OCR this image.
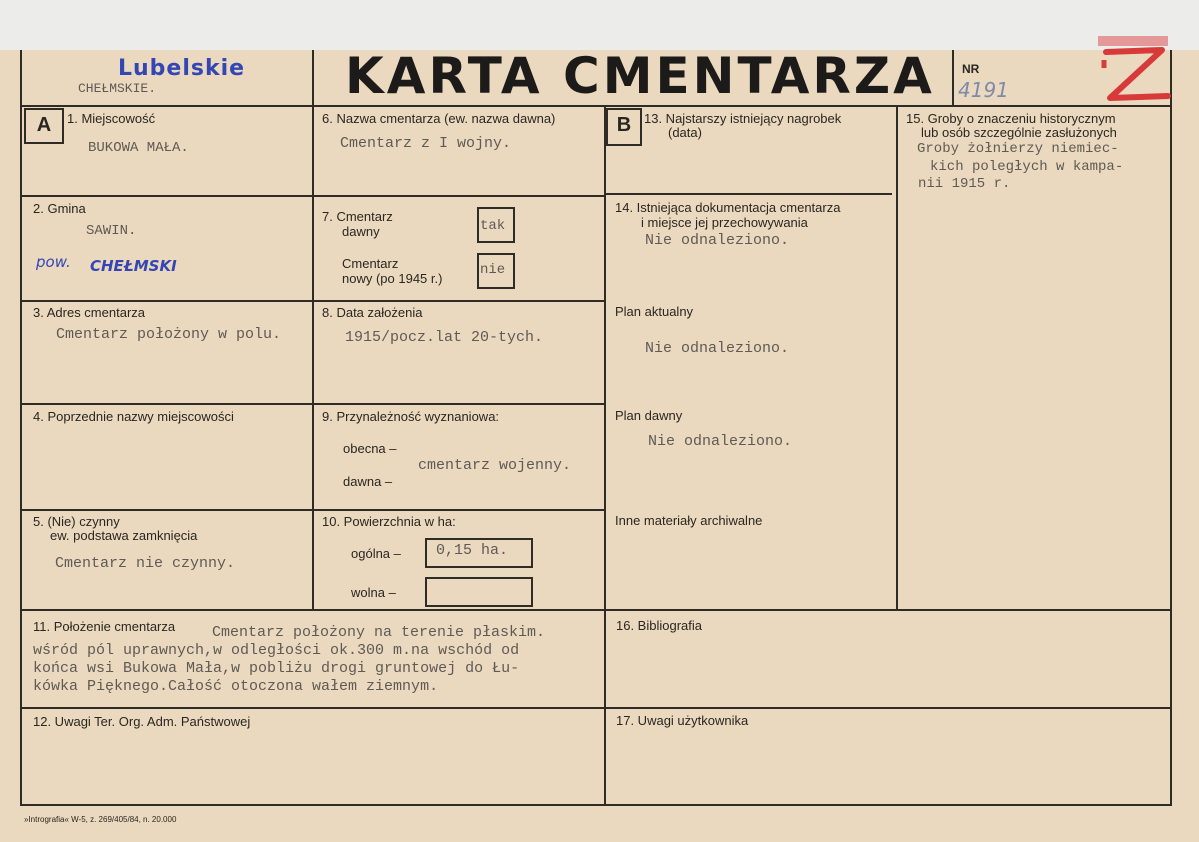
Lubelskie
CHEŁMSKIE.	KARTA CMENTARZA NR
4191
A	1. Miejscowość
BUKOWA MAŁA.
2. Gmina
SAWIN.
pow. CHEŁMSKI
3. Adres cmentarza
Cmentarz położony w polu.
4. Poprzednie nazwy miejscowości
5. (Nie) czynny
ew. podstawa zamknięcia
Cmentarz nie czynny.
6. Nazwa cmentarza (ew. nazwa dawna)
Cmentarz z I wojny.
7. Cmentarz
dawny	tak
Cmentarz
nowy (po 1945 r.)
nie
8. Data założenia
1915/pocz.lat 20-tych.
9. Przynależność wyznaniowa:
obecna –
dawna –
cmentarz wojenny.
10. Powierzchnia w ha:
ogólna – 0,15 ha.
wolna –
B 13. Najstarszy istniejący nagrobek
(data)
14. Istniejąca dokumentacja cmentarza
i miejsce jej przechowywania
Nie odnaleziono.
Plan aktualny
Nie odnaleziono.
Plan dawny
Nie odnaleziono.
Inne materiały archiwalne
15. Groby o znaczeniu historycznym
lub osób szczególnie zasłużonych
Groby żołnierzy niemiec-
kich poległych w kampa-
nii 1915 r.
11. Położenie cmentarza Cmentarz położony na terenie płaskim.
wśród pól uprawnych,w odległości ok.300 m.na wschód od
końca wsi Bukowa Mała,w pobliżu drogi gruntowej do Łu-
kówka Pięknego.Całość otoczona wałem ziemnym.
16. Bibliografia
12. Uwagi Ter. Org. Adm. Państwowej	17. Uwagi użytkownika
»Intrografia« W-5, z. 269/405/84, n. 20.000
